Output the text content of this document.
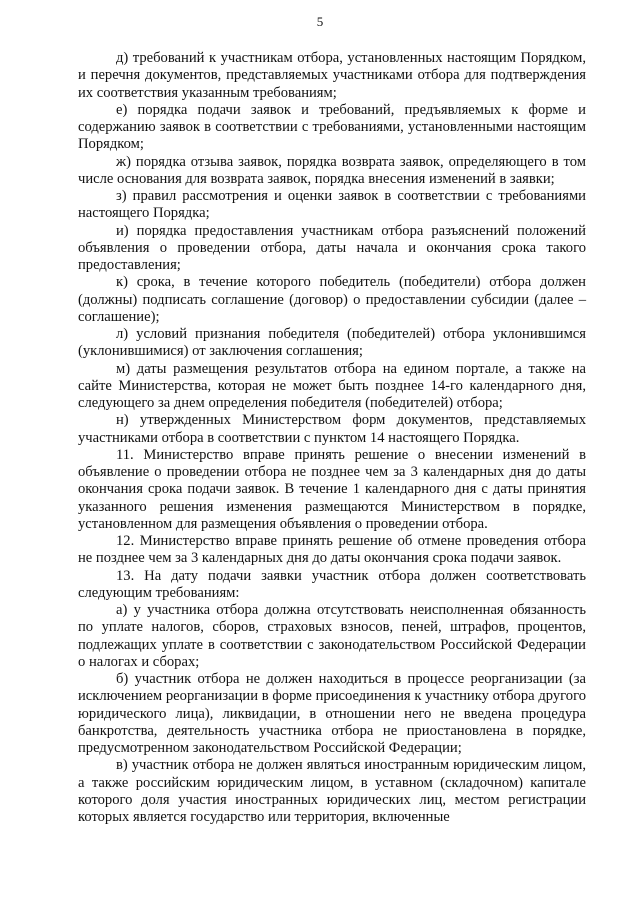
5

д) требований к участникам отбора, установленных настоящим Порядком, и перечня документов, представляемых участниками отбора для подтверждения их соответствия указанным требованиям;

е) порядка подачи заявок и требований, предъявляемых к форме и содержанию заявок в соответствии с требованиями, установленными настоящим Порядком;

ж) порядка отзыва заявок, порядка возврата заявок, определяющего в том числе основания для возврата заявок, порядка внесения изменений в заявки;

з) правил рассмотрения и оценки заявок в соответствии с требованиями настоящего Порядка;

и) порядка предоставления участникам отбора разъяснений положений объявления о проведении отбора, даты начала и окончания срока такого предоставления;

к) срока, в течение которого победитель (победители) отбора должен (должны) подписать соглашение (договор) о предоставлении субсидии (далее – соглашение);

л) условий признания победителя (победителей) отбора уклонившимся (уклонившимися) от заключения соглашения;

м) даты размещения результатов отбора на едином портале, а также на сайте Министерства, которая не может быть позднее 14-го календарного дня, следующего за днем определения победителя (победителей) отбора;

н) утвержденных Министерством форм документов, представляемых участниками отбора в соответствии с пунктом 14 настоящего Порядка.

11. Министерство вправе принять решение о внесении изменений в объявление о проведении отбора не позднее чем за 3 календарных дня до даты окончания срока подачи заявок. В течение 1 календарного дня с даты принятия указанного решения изменения размещаются Министерством в порядке, установленном для размещения объявления о проведении отбора.

12. Министерство вправе принять решение об отмене проведения отбора не позднее чем за 3 календарных дня до даты окончания срока подачи заявок.

13. На дату подачи заявки участник отбора должен соответствовать следующим требованиям:

а) у участника отбора должна отсутствовать неисполненная обязанность по уплате налогов, сборов, страховых взносов, пеней, штрафов, процентов, подлежащих уплате в соответствии с законодательством Российской Федерации о налогах и сборах;

б) участник отбора не должен находиться в процессе реорганизации (за исключением реорганизации в форме присоединения к участнику отбора другого юридического лица), ликвидации, в отношении него не введена процедура банкротства, деятельность участника отбора не приостановлена в порядке, предусмотренном законодательством Российской Федерации;

в) участник отбора не должен являться иностранным юридическим лицом, а также российским юридическим лицом, в уставном (складочном) капитале которого доля участия иностранных юридических лиц, местом регистрации которых является государство или территория, включенные
